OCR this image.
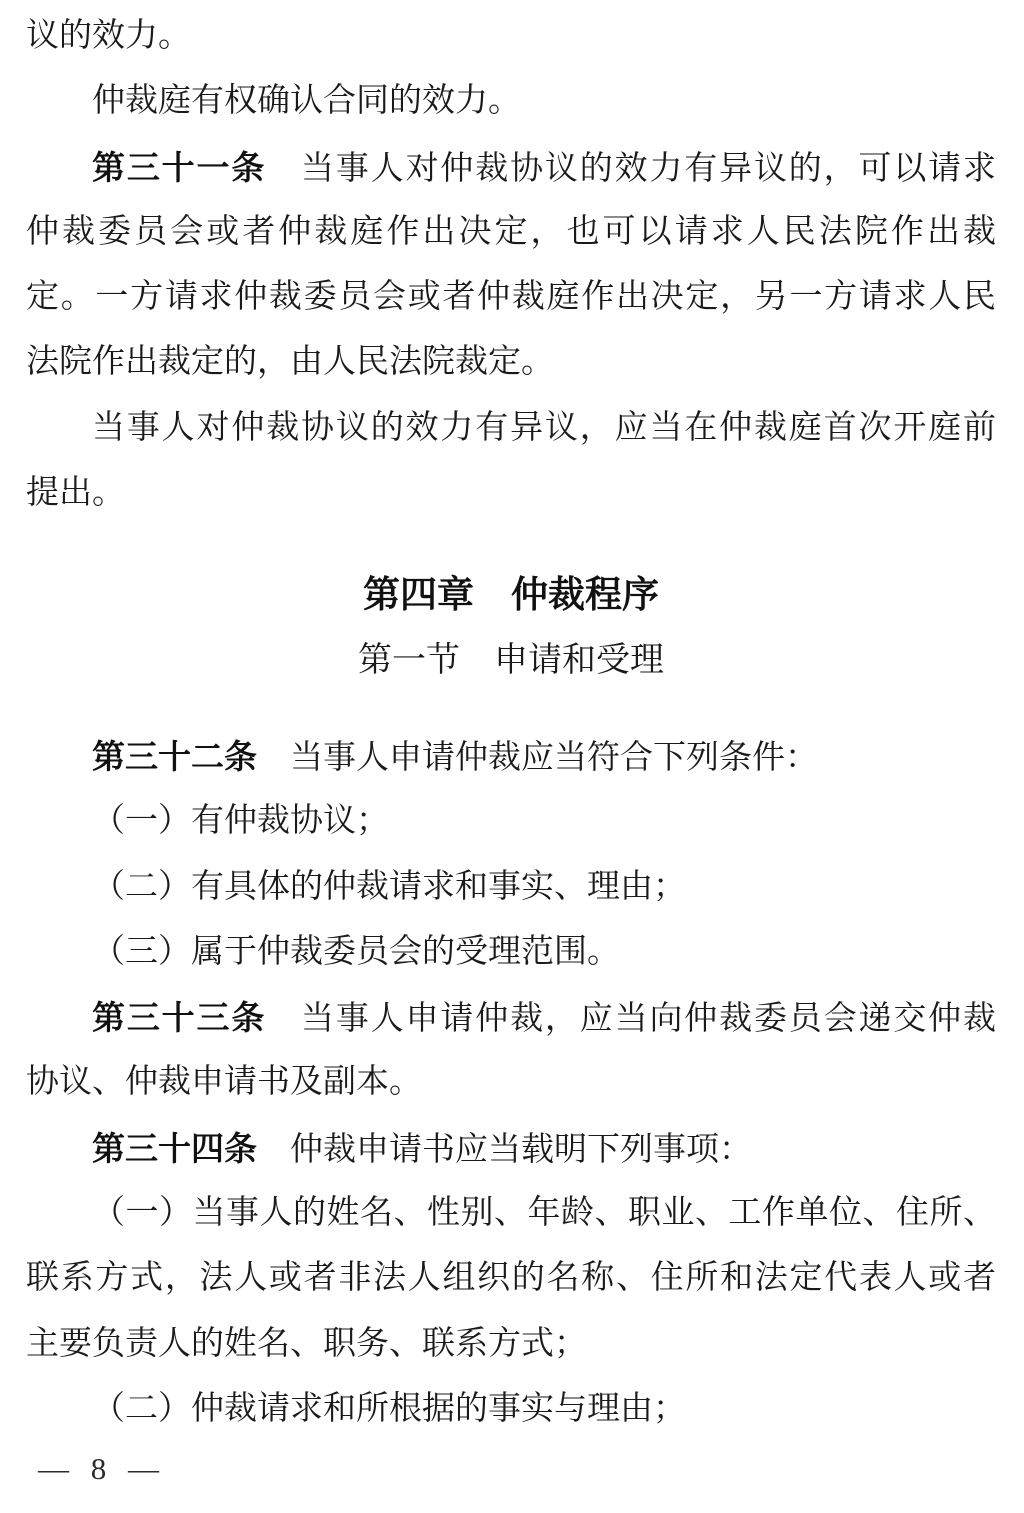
议的效力。
仲裁庭有权确认合同的效力。
第三十一条　当事人对仲裁协议的效力有异议的，可以请求
仲裁委员会或者仲裁庭作出决定，也可以请求人民法院作出裁
定。一方请求仲裁委员会或者仲裁庭作出决定，另一方请求人民
法院作出裁定的，由人民法院裁定。
当事人对仲裁协议的效力有异议，应当在仲裁庭首次开庭前
提出。
第四章　仲裁程序
第一节　申请和受理
第三十二条　当事人申请仲裁应当符合下列条件：
（一）有仲裁协议；
（二）有具体的仲裁请求和事实、理由；
（三）属于仲裁委员会的受理范围。
第三十三条　当事人申请仲裁，应当向仲裁委员会递交仲裁
协议、仲裁申请书及副本。
第三十四条　仲裁申请书应当载明下列事项：
（一）当事人的姓名、性别、年龄、职业、工作单位、住所、
联系方式，法人或者非法人组织的名称、住所和法定代表人或者
主要负责人的姓名、职务、联系方式；
（二）仲裁请求和所根据的事实与理由；
— 8 —
